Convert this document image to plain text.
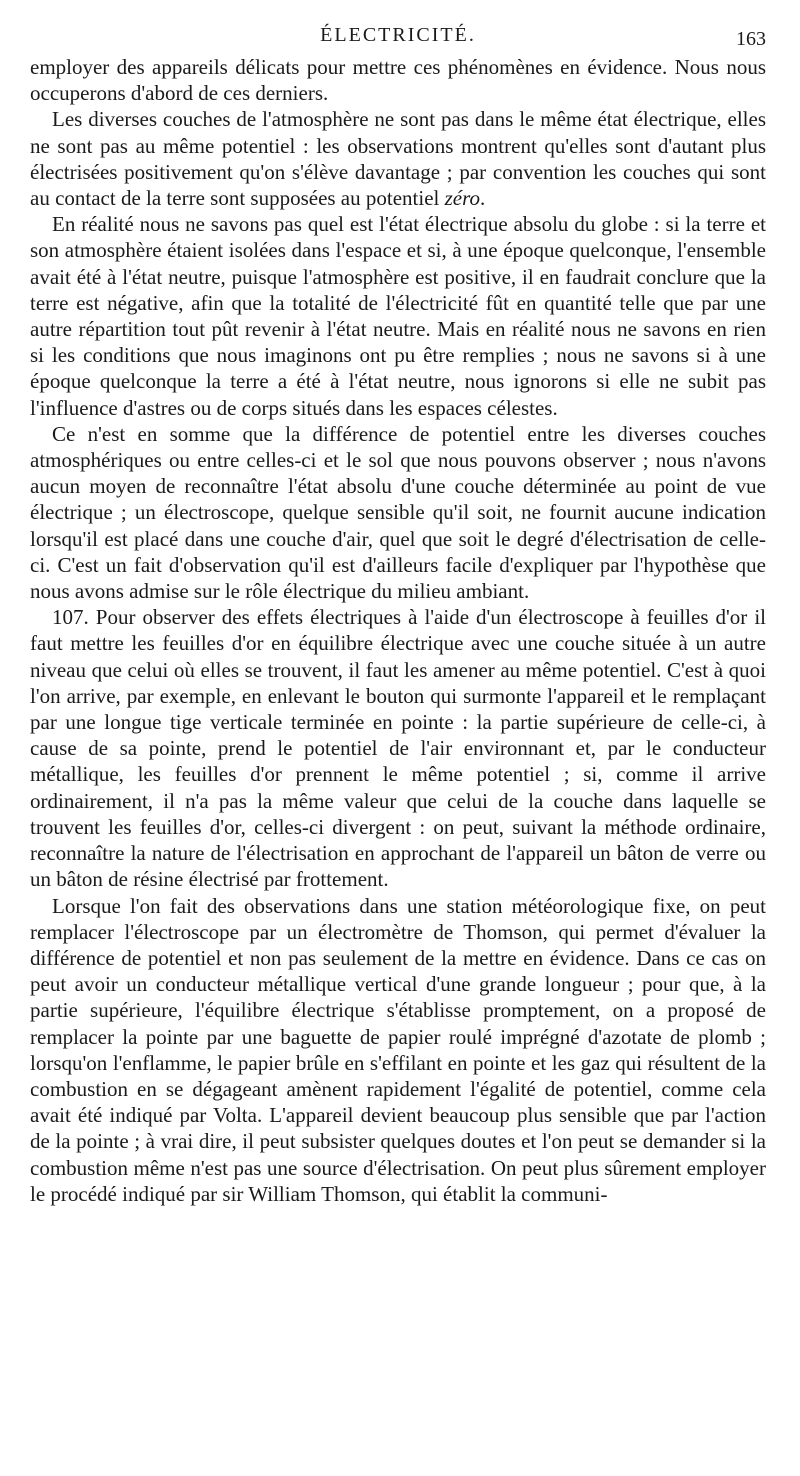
ÉLECTRICITÉ.	163

employer des appareils délicats pour mettre ces phénomènes en évidence. Nous nous occuperons d'abord de ces derniers.

Les diverses couches de l'atmosphère ne sont pas dans le même état électrique, elles ne sont pas au même potentiel : les observations montrent qu'elles sont d'autant plus électrisées positivement qu'on s'élève davantage ; par convention les couches qui sont au contact de la terre sont supposées au potentiel zéro.

En réalité nous ne savons pas quel est l'état électrique absolu du globe : si la terre et son atmosphère étaient isolées dans l'espace et si, à une époque quelconque, l'ensemble avait été à l'état neutre, puisque l'atmosphère est positive, il en faudrait conclure que la terre est négative, afin que la totalité de l'électricité fût en quantité telle que par une autre répartition tout pût revenir à l'état neutre. Mais en réalité nous ne savons en rien si les conditions que nous imaginons ont pu être remplies ; nous ne savons si à une époque quelconque la terre a été à l'état neutre, nous ignorons si elle ne subit pas l'influence d'astres ou de corps situés dans les espaces célestes.

Ce n'est en somme que la différence de potentiel entre les diverses couches atmosphériques ou entre celles-ci et le sol que nous pouvons observer ; nous n'avons aucun moyen de reconnaître l'état absolu d'une couche déterminée au point de vue électrique ; un électroscope, quelque sensible qu'il soit, ne fournit aucune indication lorsqu'il est placé dans une couche d'air, quel que soit le degré d'électrisation de celle-ci. C'est un fait d'observation qu'il est d'ailleurs facile d'expliquer par l'hypothèse que nous avons admise sur le rôle électrique du milieu ambiant.

107. Pour observer des effets électriques à l'aide d'un électroscope à feuilles d'or il faut mettre les feuilles d'or en équilibre électrique avec une couche située à un autre niveau que celui où elles se trouvent, il faut les amener au même potentiel. C'est à quoi l'on arrive, par exemple, en enlevant le bouton qui surmonte l'appareil et le remplaçant par une longue tige verticale terminée en pointe : la partie supérieure de celle-ci, à cause de sa pointe, prend le potentiel de l'air environnant et, par le conducteur métallique, les feuilles d'or prennent le même potentiel ; si, comme il arrive ordinairement, il n'a pas la même valeur que celui de la couche dans laquelle se trouvent les feuilles d'or, celles-ci divergent : on peut, suivant la méthode ordinaire, reconnaître la nature de l'électrisation en approchant de l'appareil un bâton de verre ou un bâton de résine électrisé par frottement.

Lorsque l'on fait des observations dans une station météorologique fixe, on peut remplacer l'électroscope par un électromètre de Thomson, qui permet d'évaluer la différence de potentiel et non pas seulement de la mettre en évidence. Dans ce cas on peut avoir un conducteur métallique vertical d'une grande longueur ; pour que, à la partie supérieure, l'équilibre électrique s'établisse promptement, on a proposé de remplacer la pointe par une baguette de papier roulé imprégné d'azotate de plomb ; lorsqu'on l'enflamme, le papier brûle en s'effilant en pointe et les gaz qui résultent de la combustion en se dégageant amènent rapidement l'égalité de potentiel, comme cela avait été indiqué par Volta. L'appareil devient beaucoup plus sensible que par l'action de la pointe ; à vrai dire, il peut subsister quelques doutes et l'on peut se demander si la combustion même n'est pas une source d'électrisation. On peut plus sûrement employer le procédé indiqué par sir William Thomson, qui établit la communi-
